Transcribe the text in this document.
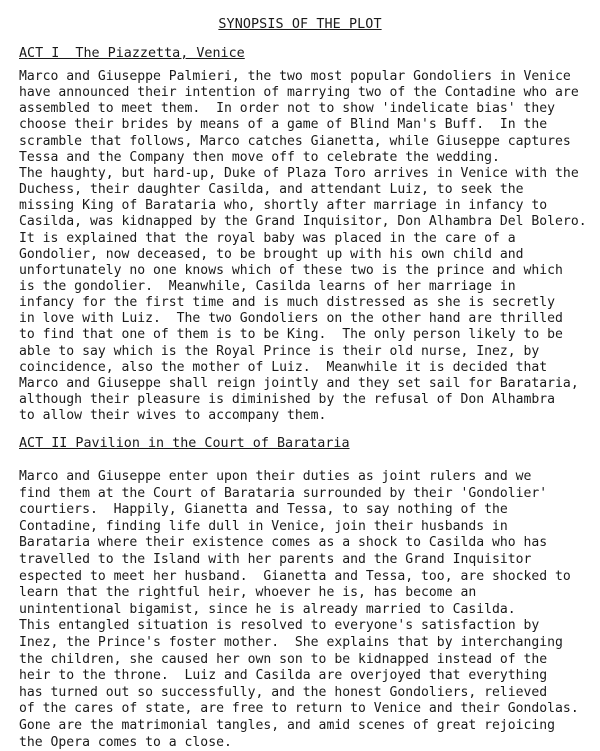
SYNOPSIS OF THE PLOT
ACT I  The Piazzetta, Venice
Marco and Giuseppe Palmieri, the two most popular Gondoliers in Venice
have announced their intention of marrying two of the Contadine who are
assembled to meet them.  In order not to show 'indelicate bias' they
choose their brides by means of a game of Blind Man's Buff.  In the
scramble that follows, Marco catches Gianetta, while Giuseppe captures
Tessa and the Company then move off to celebrate the wedding.
The haughty, but hard-up, Duke of Plaza Toro arrives in Venice with the
Duchess, their daughter Casilda, and attendant Luiz, to seek the
missing King of Barataria who, shortly after marriage in infancy to
Casilda, was kidnapped by the Grand Inquisitor, Don Alhambra Del Bolero.
It is explained that the royal baby was placed in the care of a
Gondolier, now deceased, to be brought up with his own child and
unfortunately no one knows which of these two is the prince and which
is the gondolier.  Meanwhile, Casilda learns of her marriage in
infancy for the first time and is much distressed as she is secretly
in love with Luiz.  The two Gondoliers on the other hand are thrilled
to find that one of them is to be King.  The only person likely to be
able to say which is the Royal Prince is their old nurse, Inez, by
coincidence, also the mother of Luiz.  Meanwhile it is decided that
Marco and Giuseppe shall reign jointly and they set sail for Barataria,
although their pleasure is diminished by the refusal of Don Alhambra
to allow their wives to accompany them.
ACT II Pavilion in the Court of Barataria
Marco and Giuseppe enter upon their duties as joint rulers and we
find them at the Court of Barataria surrounded by their 'Gondolier'
courtiers.  Happily, Gianetta and Tessa, to say nothing of the
Contadine, finding life dull in Venice, join their husbands in
Barataria where their existence comes as a shock to Casilda who has
travelled to the Island with her parents and the Grand Inquisitor
espected to meet her husband.  Gianetta and Tessa, too, are shocked to
learn that the rightful heir, whoever he is, has become an
unintentional bigamist, since he is already married to Casilda.
This entangled situation is resolved to everyone's satisfaction by
Inez, the Prince's foster mother.  She explains that by interchanging
the children, she caused her own son to be kidnapped instead of the
heir to the throne.  Luiz and Casilda are overjoyed that everything
has turned out so successfully, and the honest Gondoliers, relieved
of the cares of state, are free to return to Venice and their Gondolas.
Gone are the matrimonial tangles, and amid scenes of great rejoicing
the Opera comes to a close.
